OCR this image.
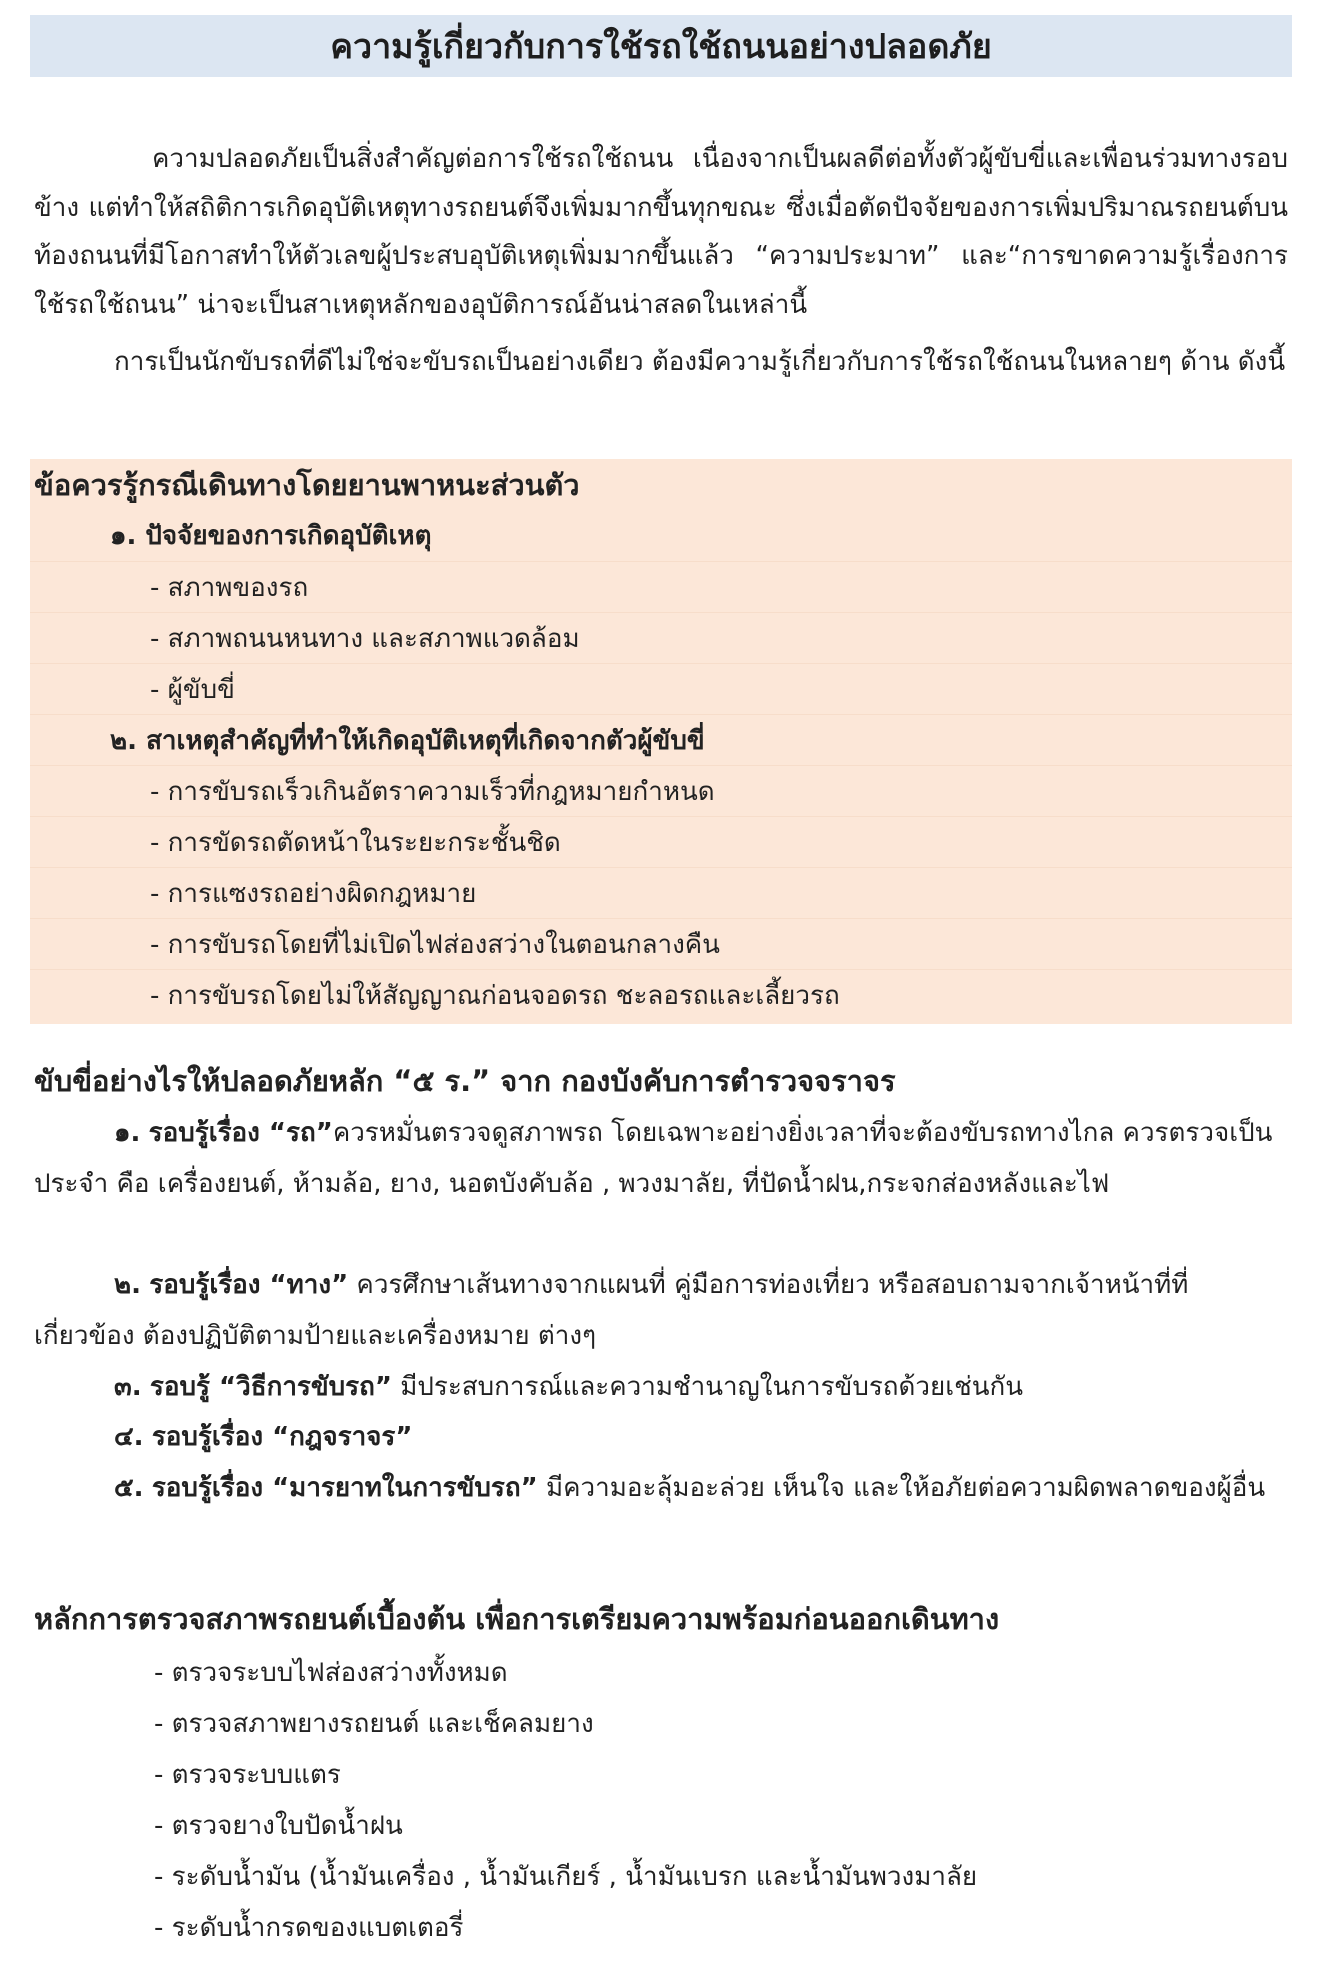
ความรู้เกี่ยวกับการใช้รถใช้ถนนอย่างปลอดภัย

ความปลอดภัยเป็นสิ่งสำคัญต่อการใช้รถใช้ถนน เนื่องจากเป็นผลดีต่อทั้งตัวผู้ขับขี่และเพื่อนร่วมทางรอบข้าง แต่ทำให้สถิติการเกิดอุบัติเหตุทางรถยนต์จึงเพิ่มมากขึ้นทุกขณะ ซึ่งเมื่อตัดปัจจัยของการเพิ่มปริมาณรถยนต์บนท้องถนนที่มีโอกาสทำให้ตัวเลขผู้ประสบอุบัติเหตุเพิ่มมากขึ้นแล้ว “ความประมาท” และ“การขาดความรู้เรื่องการใช้รถใช้ถนน” น่าจะเป็นสาเหตุหลักของอุบัติการณ์อันน่าสลดในเหล่านี้

การเป็นนักขับรถที่ดีไม่ใช่จะขับรถเป็นอย่างเดียว ต้องมีความรู้เกี่ยวกับการใช้รถใช้ถนนในหลายๆ ด้าน ดังนี้

ข้อควรรู้กรณีเดินทางโดยยานพาหนะส่วนตัว
๑. ปัจจัยของการเกิดอุบัติเหตุ
- สภาพของรถ
- สภาพถนนหนทาง และสภาพแวดล้อม
- ผู้ขับขี่
๒. สาเหตุสำคัญที่ทำให้เกิดอุบัติเหตุที่เกิดจากตัวผู้ขับขี่
- การขับรถเร็วเกินอัตราความเร็วที่กฎหมายกำหนด
- การขัดรถตัดหน้าในระยะกระชั้นชิด
- การแซงรถอย่างผิดกฎหมาย
- การขับรถโดยที่ไม่เปิดไฟส่องสว่างในตอนกลางคืน
- การขับรถโดยไม่ให้สัญญาณก่อนจอดรถ ชะลอรถและเลี้ยวรถ
ขับขี่อย่างไรให้ปลอดภัยหลัก “๕ ร.” จาก กองบังคับการตำรวจจราจร

๑. รอบรู้เรื่อง “รถ”ควรหมั่นตรวจดูสภาพรถ โดยเฉพาะอย่างยิ่งเวลาที่จะต้องขับรถทางไกล ควรตรวจเป็นประจำ คือ เครื่องยนต์, ห้ามล้อ, ยาง, นอตบังคับล้อ , พวงมาลัย, ที่ปัดน้ำฝน,กระจกส่องหลังและไฟ

๒. รอบรู้เรื่อง “ทาง” ควรศึกษาเส้นทางจากแผนที่ คู่มือการท่องเที่ยว หรือสอบถามจากเจ้าหน้าที่ที่เกี่ยวข้อง ต้องปฏิบัติตามป้ายและเครื่องหมาย ต่างๆ

๓. รอบรู้ “วิธีการขับรถ” มีประสบการณ์และความชำนาญในการขับรถด้วยเช่นกัน

๔. รอบรู้เรื่อง “กฎจราจร”

๕. รอบรู้เรื่อง “มารยาทในการขับรถ” มีความอะลุ้มอะล่วย เห็นใจ และให้อภัยต่อความผิดพลาดของผู้อื่น

หลักการตรวจสภาพรถยนต์เบื้องต้น เพื่อการเตรียมความพร้อมก่อนออกเดินทาง
- ตรวจระบบไฟส่องสว่างทั้งหมด
- ตรวจสภาพยางรถยนต์ และเช็คลมยาง
- ตรวจระบบแตร
- ตรวจยางใบปัดน้ำฝน
- ระดับน้ำมัน (น้ำมันเครื่อง , น้ำมันเกียร์ , น้ำมันเบรก และน้ำมันพวงมาลัย
- ระดับน้ำกรดของแบตเตอรี่
